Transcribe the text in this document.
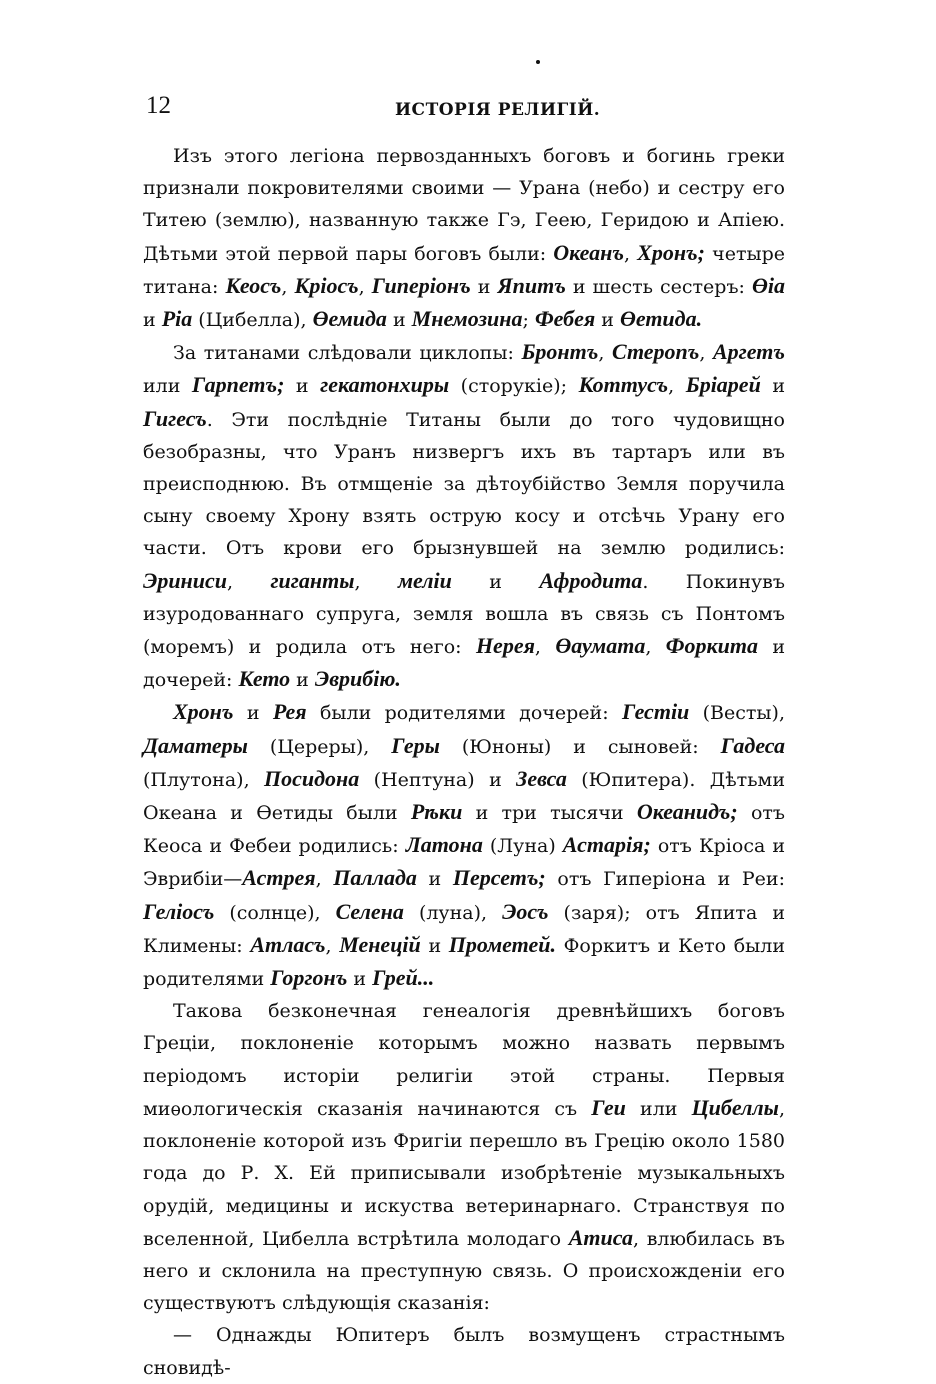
12	ИСТОРІЯ РЕЛИГІЙ.

Изъ этого легіона первозданныхъ боговъ и богинь греки признали покровителями своими — Урана (небо) и сестру его Титею (землю), названную также Гэ, Геею, Геридою и Апіею. Дѣтьми этой первой пары боговъ были: Океанъ, Хронъ; четыре титана: Кеосъ, Кріосъ, Гиперіонъ и Япитъ и шесть сестеръ: Өіа и Ріа (Цибелла), Өемида и Мнемозина; Фебея и Өетида.

За титанами слѣдовали циклопы: Бронтъ, Стеропъ, Аргетъ или Гарпетъ; и гекатонхиры (сторукіе); Коттусъ, Бріарей и Гигесъ. Эти послѣдніе Титаны были до того чудовищно безобразны, что Уранъ низвергъ ихъ въ тартаръ или въ преисподнюю. Въ отмщеніе за дѣтоубійство Земля поручила сыну своему Хрону взять острую косу и отсѣчь Урану его части. Отъ крови его брызнувшей на землю родились: Эриниси, гиганты, меліи и Афродита. Покинувъ изуродованнаго супруга, земля вошла въ связь съ Понтомъ (моремъ) и родила отъ него: Нерея, Өаумата, Форкита и дочерей: Кето и Эврибію.

Хронъ и Рея были родителями дочерей: Гестіи (Весты), Даматеры (Цереры), Геры (Юноны) и сыновей: Гадеса (Плутона), Посидона (Нептуна) и Зевса (Юпитера). Дѣтьми Океана и Өетиды были Рѣки и три тысячи Океанидъ; отъ Кеоса и Фебеи родились: Латона (Луна) Астарія; отъ Кріоса и Эврибіи—Астрея, Паллада и Персетъ; отъ Гиперіона и Реи: Геліосъ (солнце), Селена (луна), Эосъ (заря); отъ Япита и Климены: Атласъ, Менецій и Прометей. Форкитъ и Кето были родителями Горгонъ и Грей...

Такова безконечная генеалогія древнѣйшихъ боговъ Греціи, поклоненіе которымъ можно назвать первымъ періодомъ исторіи религіи этой страны. Первыя миѳологическія сказанія начинаются съ Геи или Цибеллы, поклоненіе которой изъ Фригіи перешло въ Грецію около 1580 года до Р. Х. Ей приписывали изобрѣтеніе музыкальныхъ орудій, медицины и искуства ветеринарнаго. Странствуя по вселенной, Цибелла встрѣтила молодаго Атиса, влюбилась въ него и склонила на преступную связь. О происхожденіи его существуютъ слѣдующія сказанія:

— Однажды Юпитеръ былъ возмущенъ страстнымъ сновидѣ-
